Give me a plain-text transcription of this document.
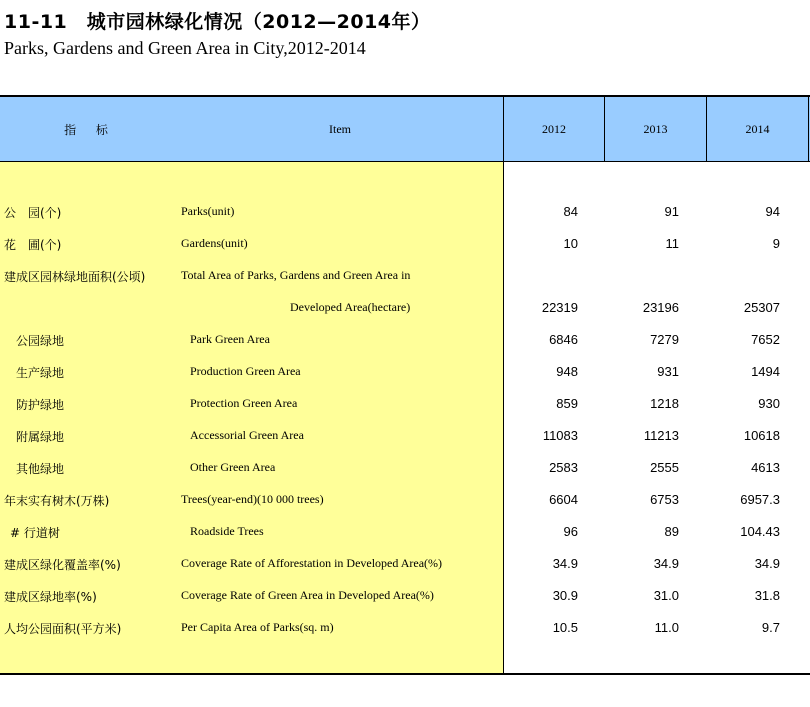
11-11　城市园林绿化情况（2012—2014年）
Parks, Gardens and Green Area in City,2012-2014
指 标	Item	2012	2013	2014
公　园(个)	Parks(unit)	84	91	94
花　圃(个)	Gardens(unit)	10	11	9
建成区园林绿地面积(公顷)	Total Area of Parks, Gardens and Green Area in
Developed Area(hectare)	22319	23196	25307
公园绿地	Park Green Area	6846	7279	7652
生产绿地	Production Green Area	948	931	1494
防护绿地	Protection Green Area	859	1218	930
附属绿地	Accessorial Green Area	11083	11213	10618
其他绿地	Other Green Area	2583	2555	4613
年末实有树木(万株)	Trees(year-end)(10 000 trees)	6604	6753	6957.3
# 行道树	Roadside Trees	96	89	104.43
建成区绿化覆盖率(%)	Coverage Rate of Afforestation in Developed Area(%)	34.9	34.9	34.9
建成区绿地率(%)	Coverage Rate of Green Area in Developed Area(%)	30.9	31.0	31.8
人均公园面积(平方米)	Per Capita Area of Parks(sq. m)	10.5	11.0	9.7
